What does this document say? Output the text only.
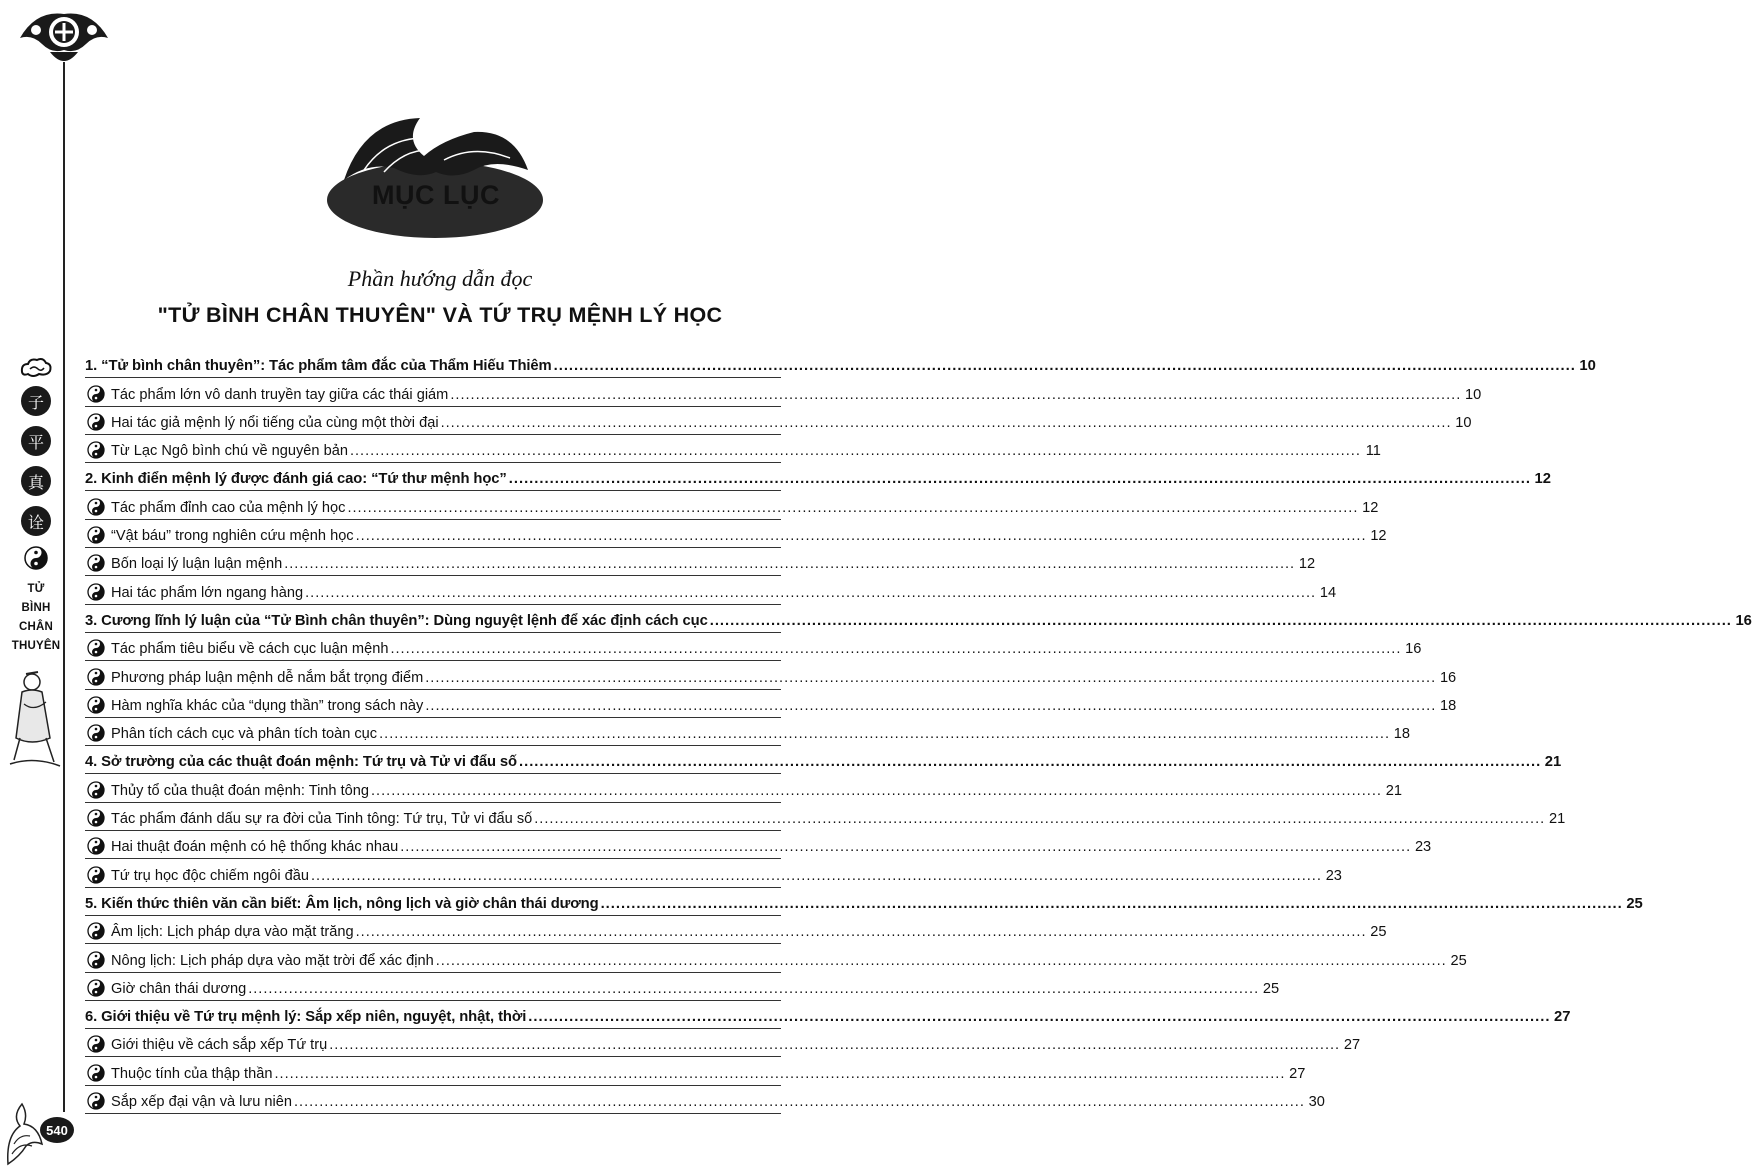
子
平
真
诠
TỬ
BÌNH
CHÂN
THUYÊN
540
MỤC LỤC
Phần hướng dẫn đọc
"TỬ BÌNH CHÂN THUYÊN" VÀ TỨ TRỤ MỆNH LÝ HỌC
1. “Tử bình chân thuyên”: Tác phẩm tâm đắc của Thẩm Hiếu Thiêm ........................................................................................................................................................................................................ 10
Tác phẩm lớn vô danh truyền tay giữa các thái giám ........................................................................................................................................................................................................ 10
Hai tác giả mệnh lý nổi tiếng của cùng một thời đại ........................................................................................................................................................................................................ 10
Từ Lạc Ngô bình chú về nguyên bản ........................................................................................................................................................................................................ 11
2. Kinh điển mệnh lý được đánh giá cao: “Tứ thư mệnh học” ........................................................................................................................................................................................................ 12
Tác phẩm đỉnh cao của mệnh lý học ........................................................................................................................................................................................................ 12
“Vật báu” trong nghiên cứu mệnh học ........................................................................................................................................................................................................ 12
Bốn loại lý luận luận mệnh ........................................................................................................................................................................................................ 12
Hai tác phẩm lớn ngang hàng ........................................................................................................................................................................................................ 14
3. Cương lĩnh lý luận của “Tử Bình chân thuyên”: Dùng nguyệt lệnh để xác định cách cục ........................................................................................................................................................................................................ 16
Tác phẩm tiêu biểu về cách cục luận mệnh ........................................................................................................................................................................................................ 16
Phương pháp luận mệnh dễ nắm bắt trọng điểm ........................................................................................................................................................................................................ 16
Hàm nghĩa khác của “dụng thần” trong sách này ........................................................................................................................................................................................................ 18
Phân tích cách cục và phân tích toàn cục ........................................................................................................................................................................................................ 18
4. Sở trường của các thuật đoán mệnh: Tứ trụ và Tử vi đẩu số ........................................................................................................................................................................................................ 21
Thủy tổ của thuật đoán mệnh: Tinh tông ........................................................................................................................................................................................................ 21
Tác phẩm đánh dấu sự ra đời của Tinh tông: Tứ trụ, Tử vi đẩu số ........................................................................................................................................................................................................ 21
Hai thuật đoán mệnh có hệ thống khác nhau ........................................................................................................................................................................................................ 23
Tứ trụ học độc chiếm ngôi đầu ........................................................................................................................................................................................................ 23
5. Kiến thức thiên văn cần biết: Âm lịch, nông lịch và giờ chân thái dương ........................................................................................................................................................................................................ 25
Âm lịch: Lịch pháp dựa vào mặt trăng ........................................................................................................................................................................................................ 25
Nông lịch: Lịch pháp dựa vào mặt trời để xác định ........................................................................................................................................................................................................ 25
Giờ chân thái dương ........................................................................................................................................................................................................ 25
6. Giới thiệu về Tứ trụ mệnh lý: Sắp xếp niên, nguyệt, nhật, thời ........................................................................................................................................................................................................ 27
Giới thiệu về cách sắp xếp Tứ trụ ........................................................................................................................................................................................................ 27
Thuộc tính của thập thần ........................................................................................................................................................................................................ 27
Sắp xếp đại vận và lưu niên ........................................................................................................................................................................................................ 30
